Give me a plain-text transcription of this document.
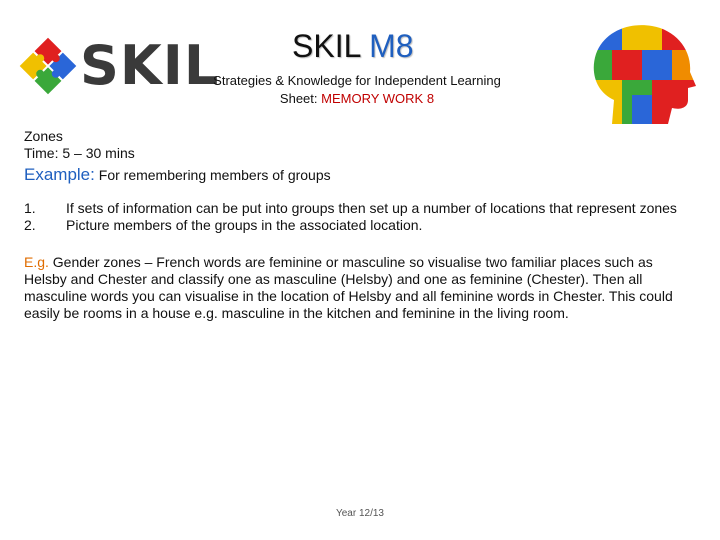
SKIL SKIL M8
Strategies & Knowledge for Independent Learning
Sheet: MEMORY WORK 8
Zones
Time: 5 – 30 mins
Example: For remembering members of groups
1. If sets of information can be put into groups then set up a number of locations that represent zones
2. Picture members of the groups in the associated location.
E.g. Gender zones – French words are feminine or masculine so visualise two familiar places such as Helsby and Chester and classify one as masculine (Helsby) and one as feminine (Chester). Then all masculine words you can visualise in the location of Helsby and all feminine words in Chester. This could easily be rooms in a house e.g. masculine in the kitchen and feminine in the living room.
Year 12/13
